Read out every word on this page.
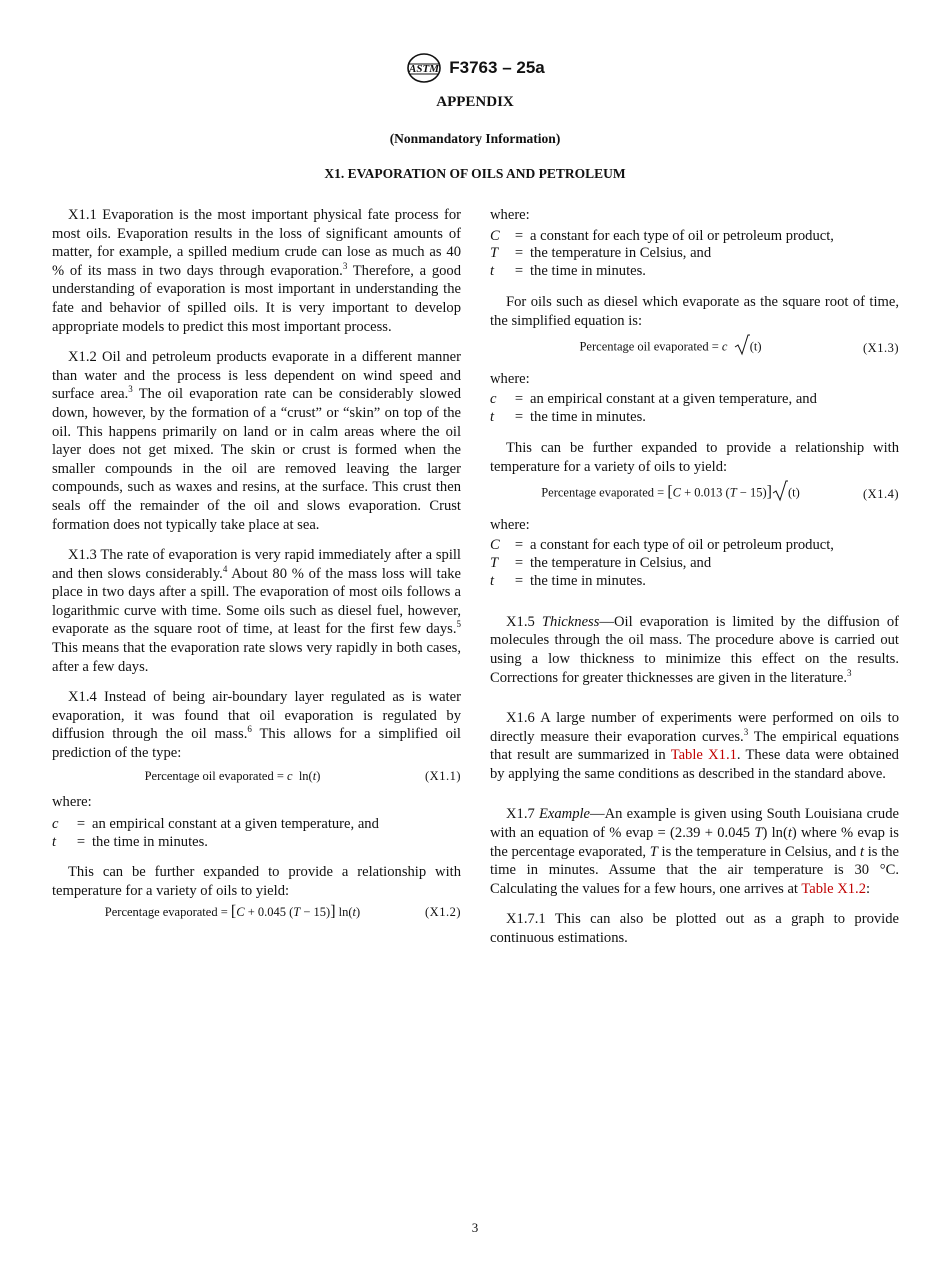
ASTM F3763 – 25a
APPENDIX
(Nonmandatory Information)
X1. EVAPORATION OF OILS AND PETROLEUM

X1.1 Evaporation is the most important physical fate process for most oils. Evaporation results in the loss of significant amounts of matter, for example, a spilled medium crude can lose as much as 40 % of its mass in two days through evaporation.$^3$ Therefore, a good understanding of evaporation is most important in understanding the fate and behavior of spilled oils. It is very important to develop appropriate models to predict this most important process.

X1.2 Oil and petroleum products evaporate in a different manner than water and the process is less dependent on wind speed and surface area.$^3$ The oil evaporation rate can be considerably slowed down, however, by the formation of a “crust” or “skin” on top of the oil. This happens primarily on land or in calm areas where the oil layer does not get mixed. The skin or crust is formed when the smaller compounds in the oil are removed leaving the larger compounds, such as waxes and resins, at the surface. This crust then seals off the remainder of the oil and slows evaporation. Crust formation does not typically take place at sea.

X1.3 The rate of evaporation is very rapid immediately after a spill and then slows considerably.$^4$ About 80 % of the mass loss will take place in two days after a spill. The evaporation of most oils follows a logarithmic curve with time. Some oils such as diesel fuel, however, evaporate as the square root of time, at least for the first few days.$^5$ This means that the evaporation rate slows very rapidly in both cases, after a few days.

X1.4 Instead of being air-boundary layer regulated as is water evaporation, it was found that oil evaporation is regulated by diffusion through the oil mass.$^6$ This allows for a simplified oil prediction of the type:

Percentage oil evaporated = c ln(t)	(X1.1)

where:

c	= an empirical constant at a given temperature, and
t	= the time in minutes.

This can be further expanded to provide a relationship with temperature for a variety of oils to yield:

Percentage evaporated = [C + 0.045 (T − 15)] ln(t)	(X1.2)

where:

C	= a constant for each type of oil or petroleum product,
T	= the temperature in Celsius, and
t	= the time in minutes.

For oils such as diesel which evaporate as the square root of time, the simplified equation is:

Percentage oil evaporated = c (t)	(X1.3)

where:

c	= an empirical constant at a given temperature, and
t	= the time in minutes.

This can be further expanded to provide a relationship with temperature for a variety of oils to yield:

Percentage evaporated = [C + 0.013 (T − 15)] (t)	(X1.4)

where:

C	= a constant for each type of oil or petroleum product,
T	= the temperature in Celsius, and
t	= the time in minutes.

X1.5 Thickness—Oil evaporation is limited by the diffusion of molecules through the oil mass. The procedure above is carried out using a low thickness to minimize this effect on the results. Corrections for greater thicknesses are given in the literature.$^3$

X1.6 A large number of experiments were performed on oils to directly measure their evaporation curves.$^3$ The empirical equations that result are summarized in Table X1.1. These data were obtained by applying the same conditions as described in the standard above.

X1.7 Example—An example is given using South Louisiana crude with an equation of % evap = (2.39 + 0.045 T) ln(t) where % evap is the percentage evaporated, T is the temperature in Celsius, and t is the time in minutes. Assume that the air temperature is 30 °C. Calculating the values for a few hours, one arrives at Table X1.2:

X1.7.1 This can also be plotted out as a graph to provide continuous estimations.

3
